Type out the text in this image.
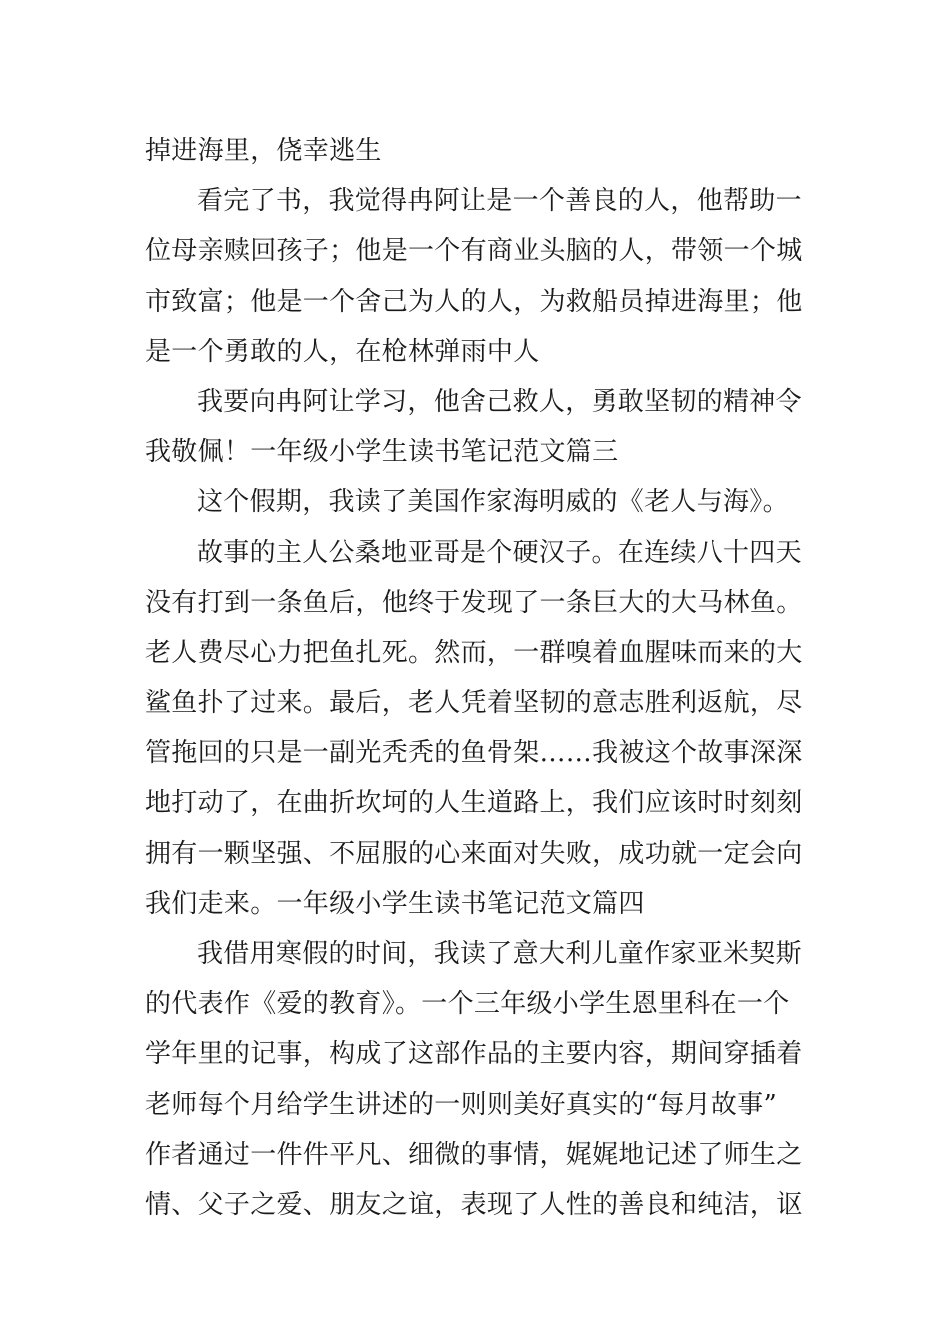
掉进海里，侥幸逃生
看完了书，我觉得冉阿让是一个善良的人，他帮助一
位母亲赎回孩子；他是一个有商业头脑的人，带领一个城
市致富；他是一个舍己为人的人，为救船员掉进海里；他
是一个勇敢的人，在枪林弹雨中人
我要向冉阿让学习，他舍己救人，勇敢坚韧的精神令
我敬佩！一年级小学生读书笔记范文篇三
这个假期，我读了美国作家海明威的《老人与海》。
故事的主人公桑地亚哥是个硬汉子。在连续八十四天
没有打到一条鱼后，他终于发现了一条巨大的大马林鱼。
老人费尽心力把鱼扎死。然而，一群嗅着血腥味而来的大
鲨鱼扑了过来。最后，老人凭着坚韧的意志胜利返航，尽
管拖回的只是一副光秃秃的鱼骨架……我被这个故事深深
地打动了，在曲折坎坷的人生道路上，我们应该时时刻刻
拥有一颗坚强、不屈服的心来面对失败，成功就一定会向
我们走来。一年级小学生读书笔记范文篇四
我借用寒假的时间，我读了意大利儿童作家亚米契斯
的代表作《爱的教育》。一个三年级小学生恩里科在一个
学年里的记事，构成了这部作品的主要内容，期间穿插着
老师每个月给学生讲述的一则则美好真实的“每月故事”
作者通过一件件平凡、细微的事情，娓娓地记述了师生之
情、父子之爱、朋友之谊，表现了人性的善良和纯洁，讴
